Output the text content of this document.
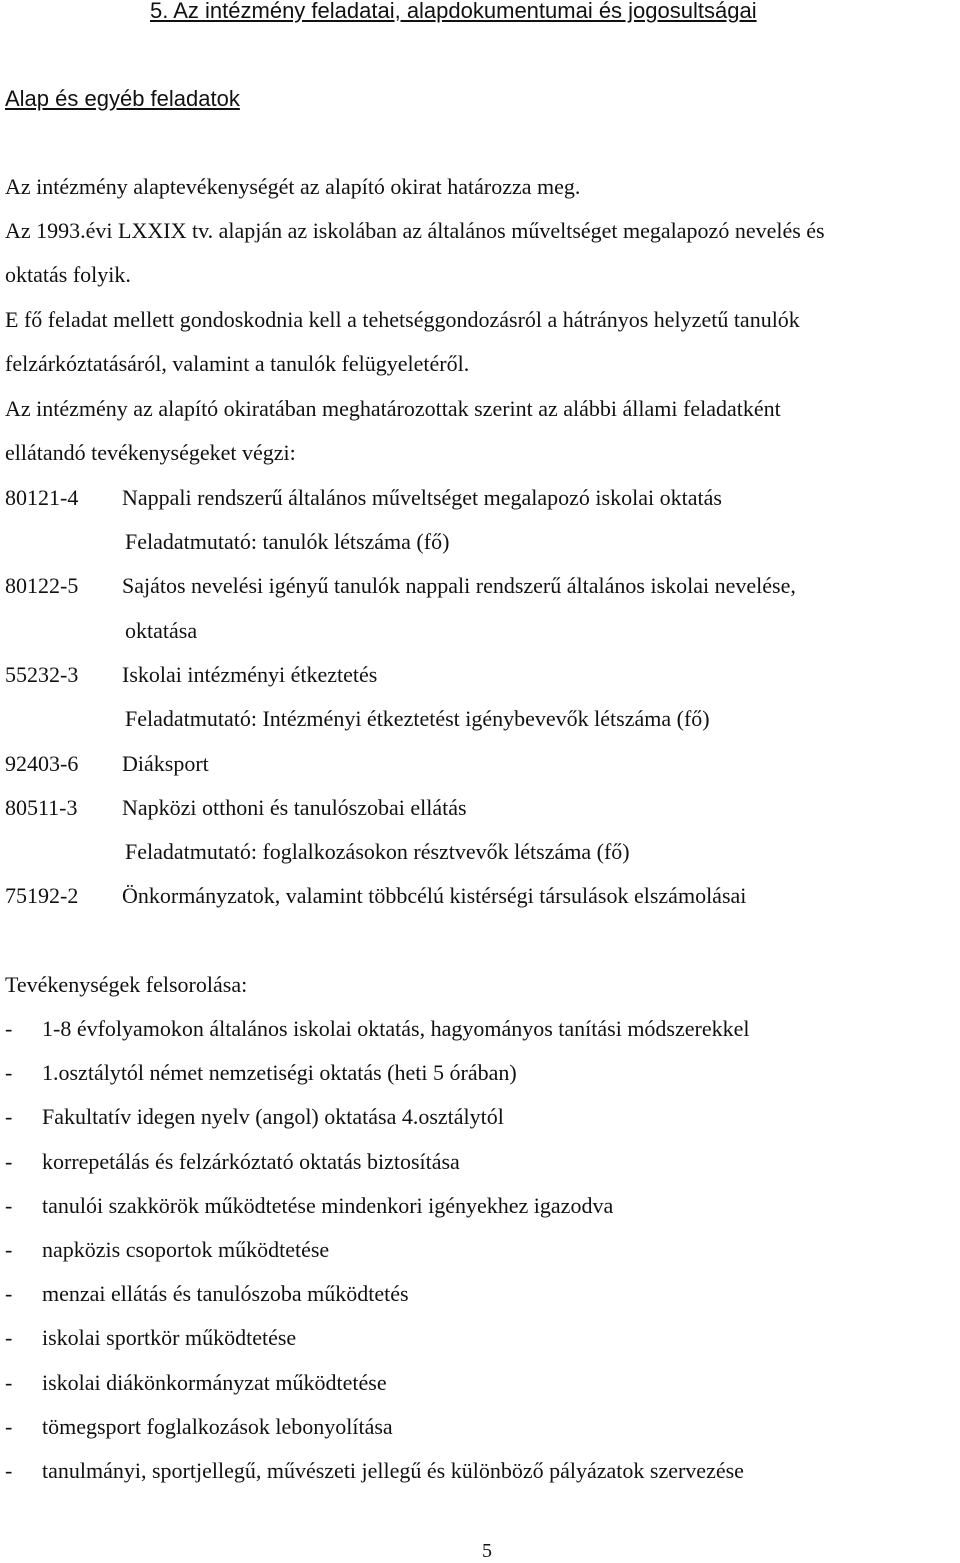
5. Az intézmény feladatai, alapdokumentumai és jogosultságai
Alap és egyéb feladatok
Az intézmény alaptevékenységét az alapító okirat határozza meg.
Az 1993.évi LXXIX tv. alapján az iskolában az általános műveltséget megalapozó nevelés és
oktatás folyik.
E fő feladat mellett gondoskodnia kell a tehetséggondozásról a hátrányos helyzetű tanulók
felzárkóztatásáról, valamint a tanulók felügyeletéről.
Az intézmény az alapító okiratában meghatározottak szerint az alábbi állami feladatként
ellátandó tevékenységeket végzi:
80121-4 Nappali rendszerű általános műveltséget megalapozó iskolai oktatás
Feladatmutató: tanulók létszáma (fő)
80122-5 Sajátos nevelési igényű tanulók nappali rendszerű általános iskolai nevelése,
oktatása
55232-3 Iskolai intézményi étkeztetés
Feladatmutató: Intézményi étkeztetést igénybevevők létszáma (fő)
92403-6 Diáksport
80511-3 Napközi otthoni és tanulószobai ellátás
Feladatmutató: foglalkozásokon résztvevők létszáma (fő)
75192-2 Önkormányzatok, valamint többcélú kistérségi társulások elszámolásai
Tevékenységek felsorolása:
- 1-8 évfolyamokon általános iskolai oktatás, hagyományos tanítási módszerekkel
- 1.osztálytól német nemzetiségi oktatás (heti 5 órában)
- Fakultatív idegen nyelv (angol) oktatása 4.osztálytól
- korrepetálás és felzárkóztató oktatás biztosítása
- tanulói szakkörök működtetése mindenkori igényekhez igazodva
- napközis csoportok működtetése
- menzai ellátás és tanulószoba működtetés
- iskolai sportkör működtetése
- iskolai diákönkormányzat működtetése
- tömegsport foglalkozások lebonyolítása
- tanulmányi, sportjellegű, művészeti jellegű és különböző pályázatok szervezése
5
